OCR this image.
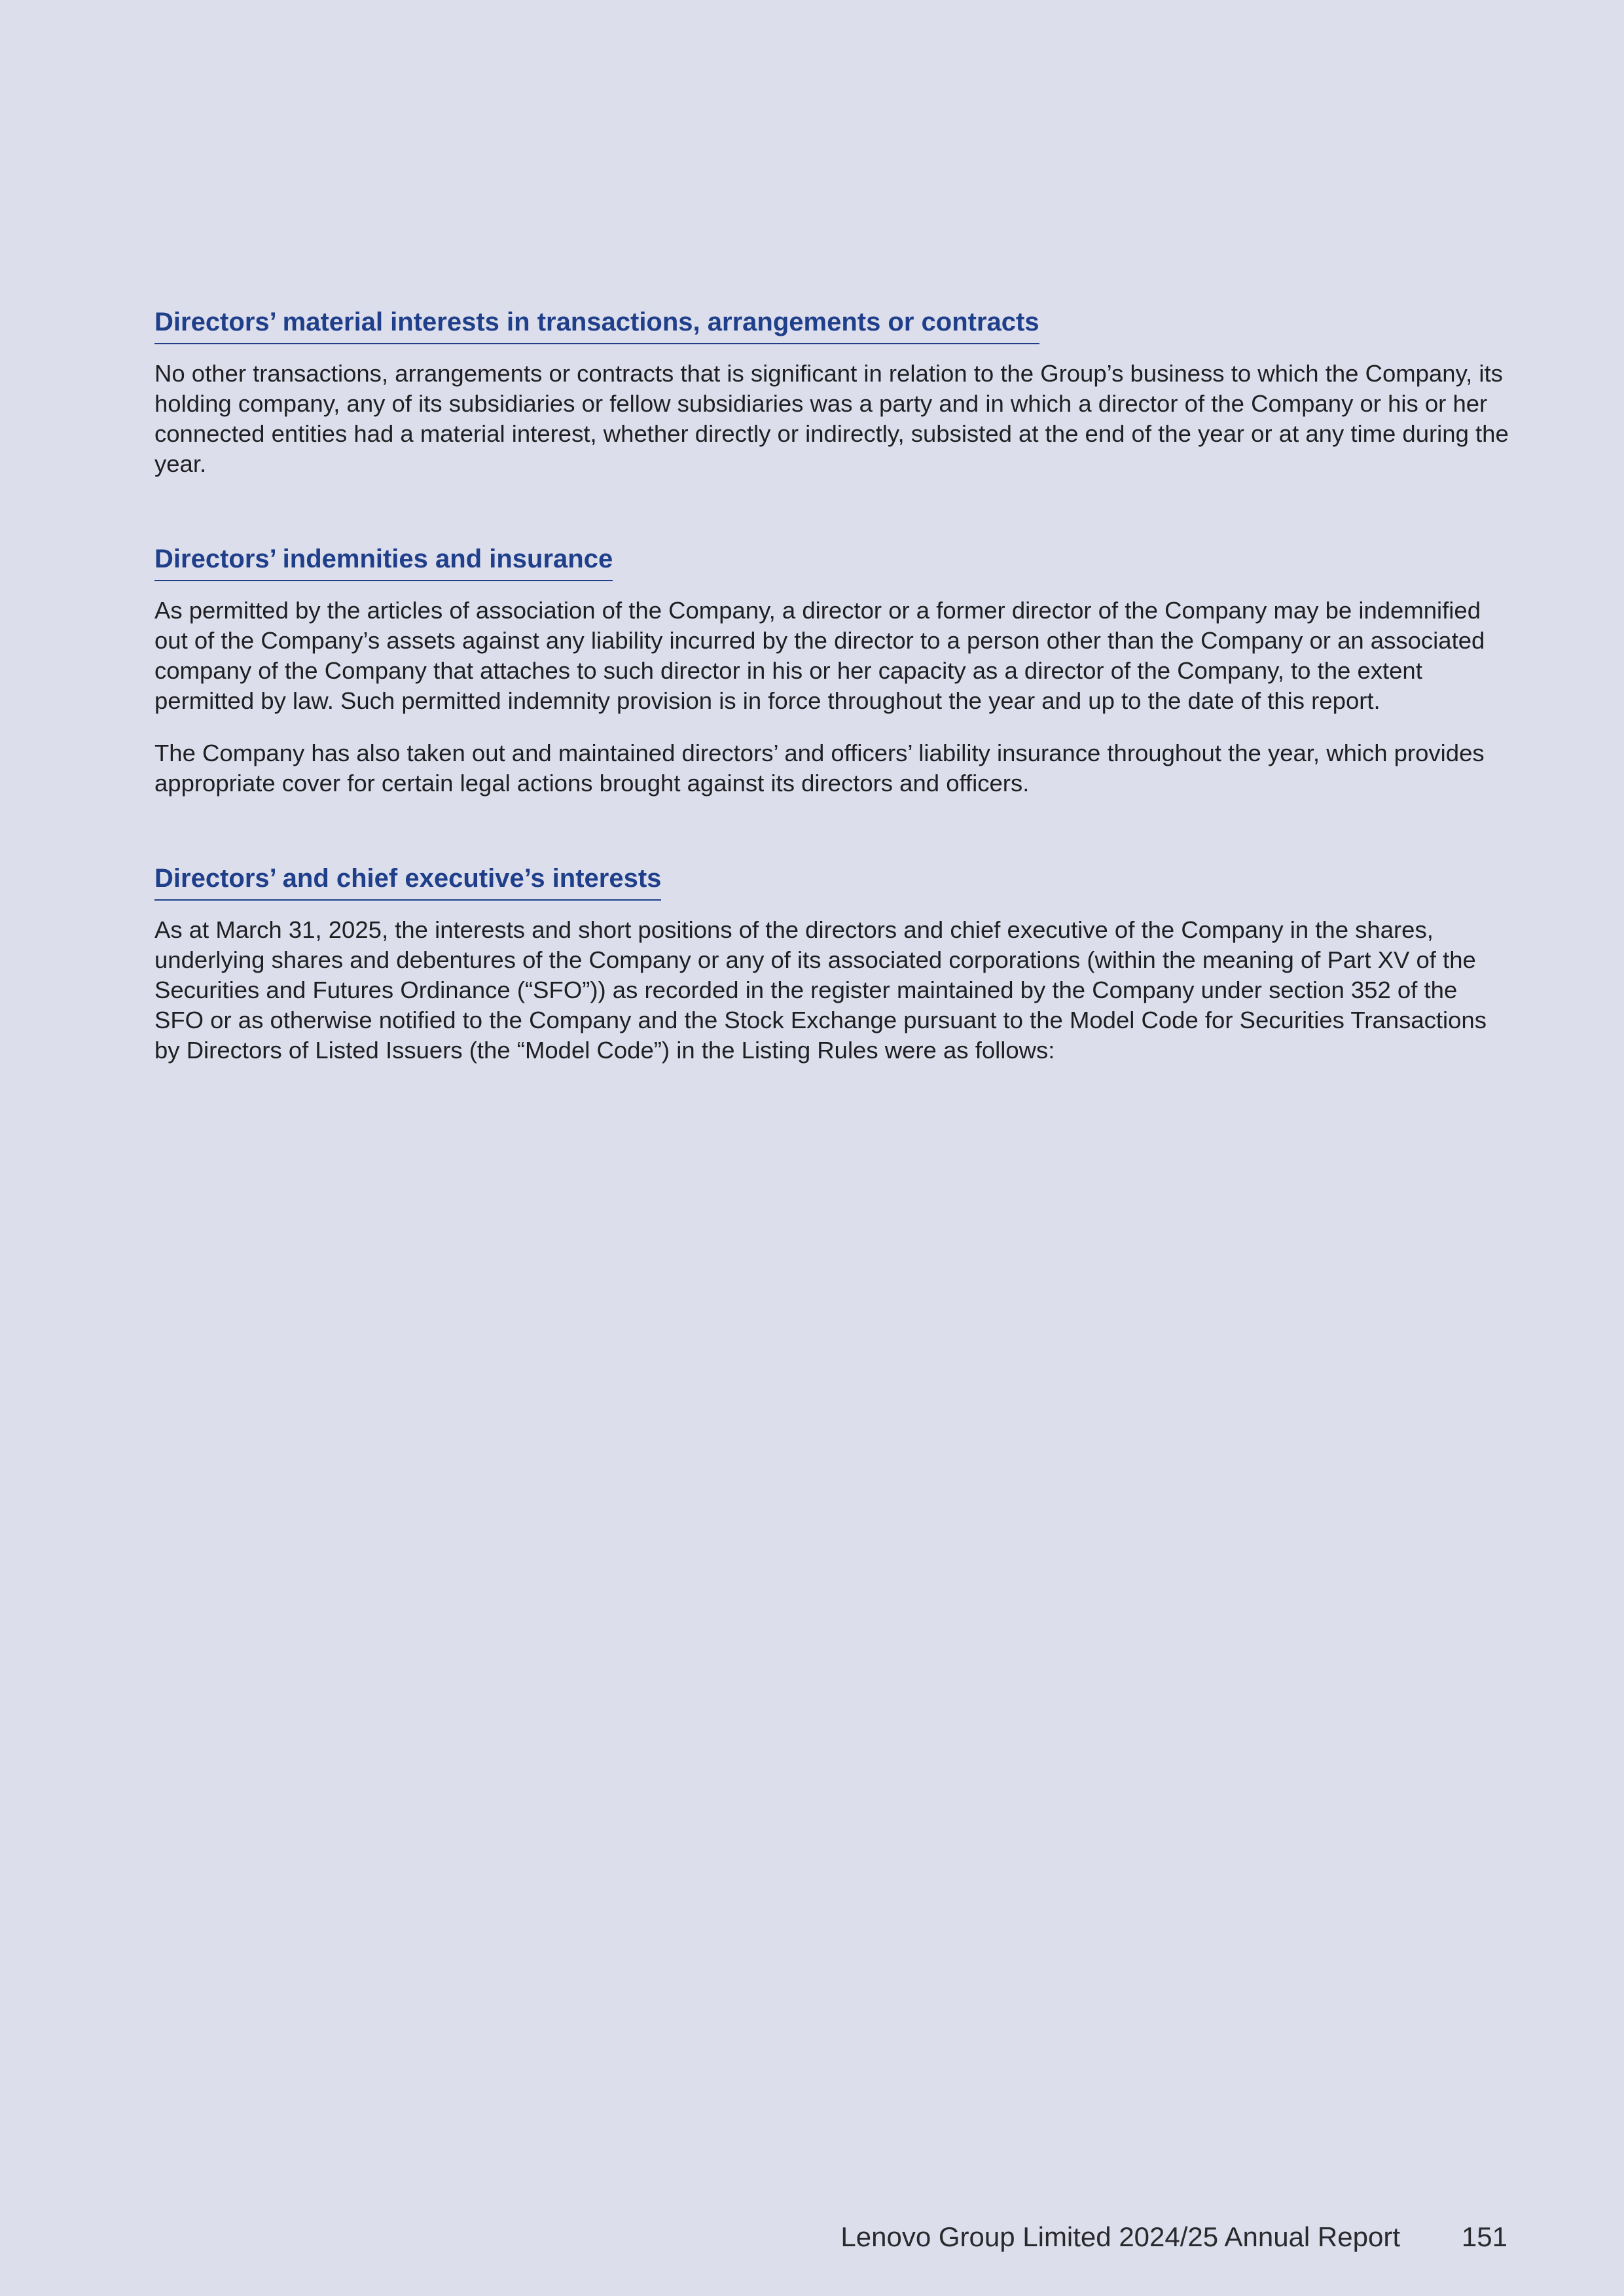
Directors’ material interests in transactions, arrangements or contracts

No other transactions, arrangements or contracts that is significant in relation to the Group’s business to which the Company, its holding company, any of its subsidiaries or fellow subsidiaries was a party and in which a director of the Company or his or her connected entities had a material interest, whether directly or indirectly, subsisted at the end of the year or at any time during the year.

Directors’ indemnities and insurance

As permitted by the articles of association of the Company, a director or a former director of the Company may be indemnified out of the Company’s assets against any liability incurred by the director to a person other than the Company or an associated company of the Company that attaches to such director in his or her capacity as a director of the Company, to the extent permitted by law. Such permitted indemnity provision is in force throughout the year and up to the date of this report.

The Company has also taken out and maintained directors’ and officers’ liability insurance throughout the year, which provides appropriate cover for certain legal actions brought against its directors and officers.

Directors’ and chief executive’s interests

As at March 31, 2025, the interests and short positions of the directors and chief executive of the Company in the shares, underlying shares and debentures of the Company or any of its associated corporations (within the meaning of Part XV of the Securities and Futures Ordinance (“SFO”)) as recorded in the register maintained by the Company under section 352 of the SFO or as otherwise notified to the Company and the Stock Exchange pursuant to the Model Code for Securities Transactions by Directors of Listed Issuers (the “Model Code”) in the Listing Rules were as follows:

Lenovo Group Limited 2024/25 Annual Report 151
